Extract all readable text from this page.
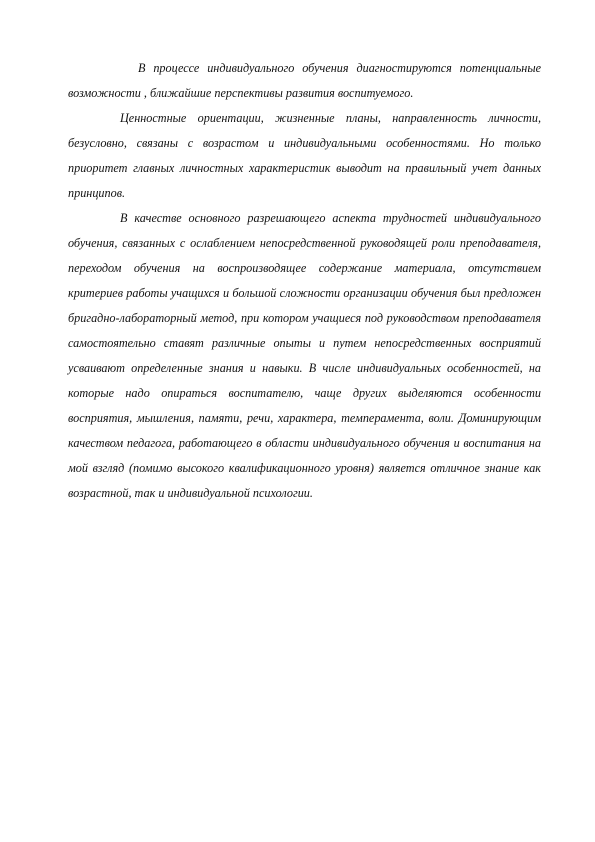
В процессе индивидуального обучения диагностируются потенциальные возможности , ближайшие перспективы развития воспитуемого.

Ценностные ориентации, жизненные планы, направленность личности, безусловно, связаны с возрастом и индивидуальными особенностями. Но только приоритет главных личностных характеристик выводит на правильный учет данных принципов.

В качестве основного разрешающего аспекта трудностей индивидуального обучения, связанных с ослаблением непосредственной руководящей роли преподавателя, переходом обучения на воспроизводящее содержание материала, отсутствием критериев работы учащихся и большой сложности организации обучения был предложен бригадно-лабораторный метод, при котором учащиеся под руководством преподавателя самостоятельно ставят различные опыты и путем непосредственных восприятий усваивают определенные знания и навыки. В числе индивидуальных особенностей, на которые надо опираться воспитателю, чаще других выделяются особенности восприятия, мышления, памяти, речи, характера, темперамента, воли. Доминирующим качеством педагога, работающего в области индивидуального обучения и воспитания на мой взгляд (помимо высокого квалификационного уровня) является отличное знание как возрастной, так и индивидуальной психологии.
